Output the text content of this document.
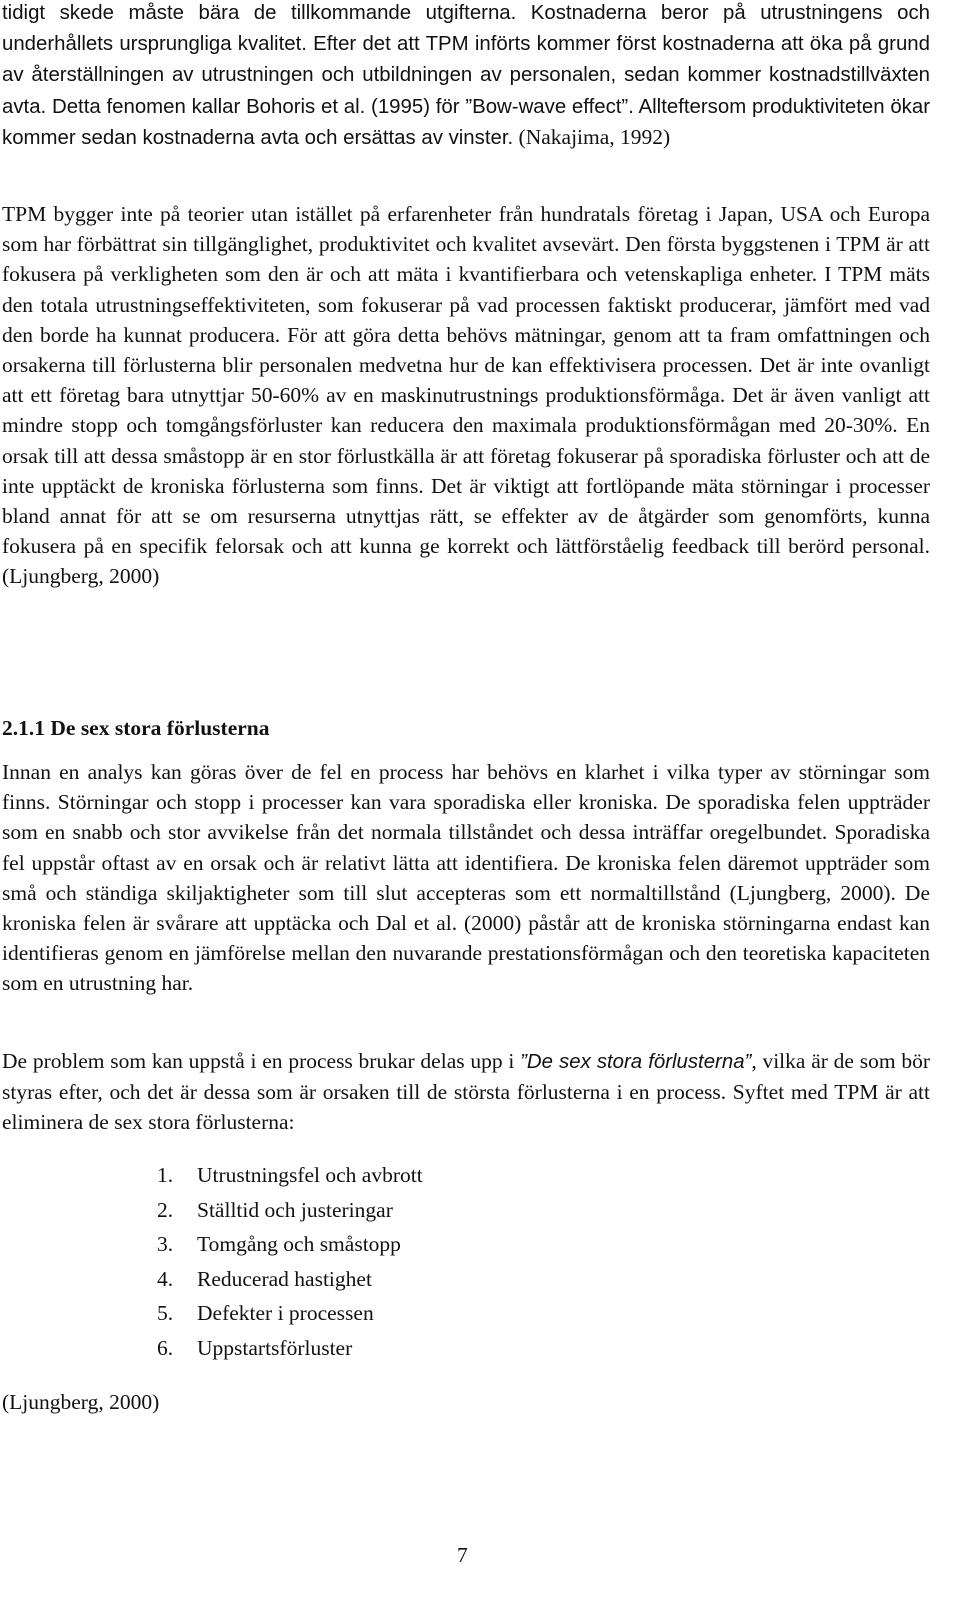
tidigt skede måste bära de tillkommande utgifterna. Kostnaderna beror på utrustningens och underhållets ursprungliga kvalitet. Efter det att TPM införts kommer först kostnaderna att öka på grund av återställningen av utrustningen och utbildningen av personalen, sedan kommer kostnadstillväxten avta. Detta fenomen kallar Bohoris et al. (1995) för ”Bow-wave effect”. Allteftersom produktiviteten ökar kommer sedan kostnaderna avta och ersättas av vinster. (Nakajima, 1992)

TPM bygger inte på teorier utan istället på erfarenheter från hundratals företag i Japan, USA och Europa som har förbättrat sin tillgänglighet, produktivitet och kvalitet avsevärt. Den första byggstenen i TPM är att fokusera på verkligheten som den är och att mäta i kvantifierbara och vetenskapliga enheter. I TPM mäts den totala utrustningseffektiviteten, som fokuserar på vad processen faktiskt producerar, jämfört med vad den borde ha kunnat producera. För att göra detta behövs mätningar, genom att ta fram omfattningen och orsakerna till förlusterna blir personalen medvetna hur de kan effektivisera processen. Det är inte ovanligt att ett företag bara utnyttjar 50-60% av en maskinutrustnings produktionsförmåga. Det är även vanligt att mindre stopp och tomgångsförluster kan reducera den maximala produktionsförmågan med 20-30%. En orsak till att dessa småstopp är en stor förlustkälla är att företag fokuserar på sporadiska förluster och att de inte upptäckt de kroniska förlusterna som finns. Det är viktigt att fortlöpande mäta störningar i processer bland annat för att se om resurserna utnyttjas rätt, se effekter av de åtgärder som genomförts, kunna fokusera på en specifik felorsak och att kunna ge korrekt och lättförståelig feedback till berörd personal. (Ljungberg, 2000)

2.1.1 De sex stora förlusterna

Innan en analys kan göras över de fel en process har behövs en klarhet i vilka typer av störningar som finns. Störningar och stopp i processer kan vara sporadiska eller kroniska. De sporadiska felen uppträder som en snabb och stor avvikelse från det normala tillståndet och dessa inträffar oregelbundet. Sporadiska fel uppstår oftast av en orsak och är relativt lätta att identifiera. De kroniska felen däremot uppträder som små och ständiga skiljaktigheter som till slut accepteras som ett normaltillstånd (Ljungberg, 2000). De kroniska felen är svårare att upptäcka och Dal et al. (2000) påstår att de kroniska störningarna endast kan identifieras genom en jämförelse mellan den nuvarande prestationsförmågan och den teoretiska kapaciteten som en utrustning har.

De problem som kan uppstå i en process brukar delas upp i ”De sex stora förlusterna”, vilka är de som bör styras efter, och det är dessa som är orsaken till de största förlusterna i en process. Syftet med TPM är att eliminera de sex stora förlusterna:

1. Utrustningsfel och avbrott
2. Ställtid och justeringar
3. Tomgång och småstopp
4. Reducerad hastighet
5. Defekter i processen
6. Uppstartsförluster

(Ljungberg, 2000)

7
